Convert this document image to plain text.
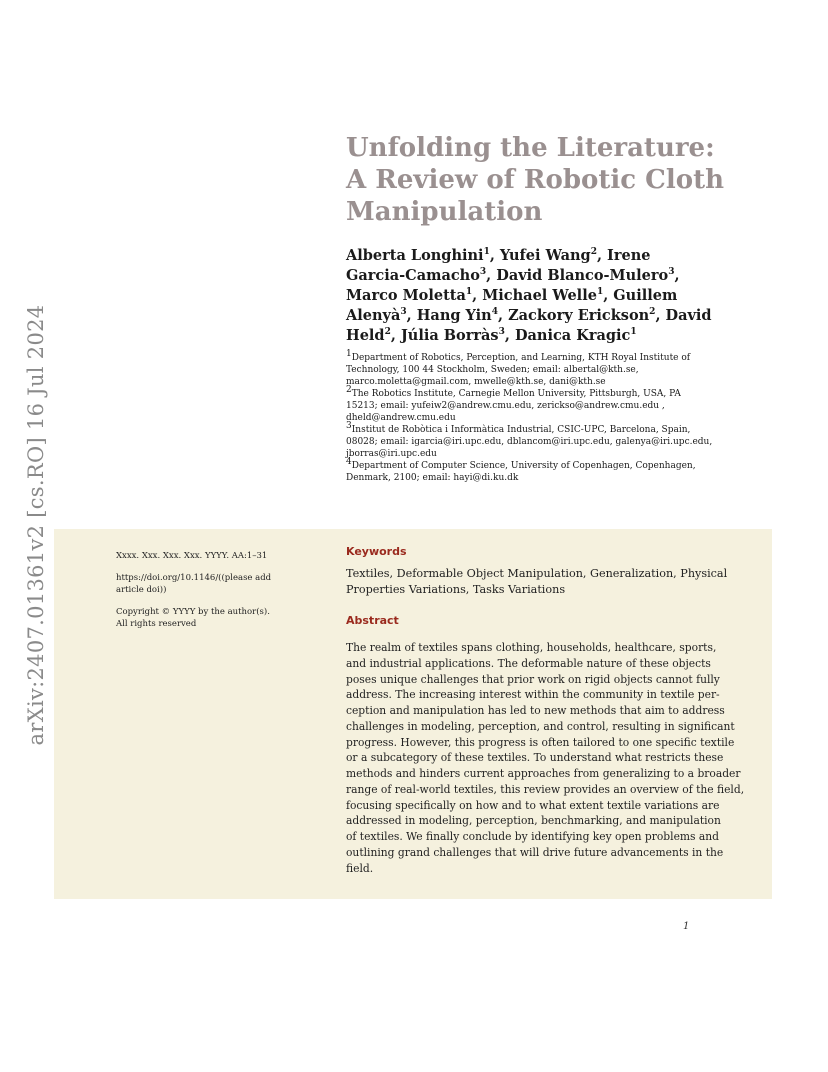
arXiv:2407.01361v2 [cs.RO] 16 Jul 2024
Unfolding the Literature:
A Review of Robotic Cloth
Manipulation
Alberta Longhini$^1$, Yufei Wang$^2$, Irene
Garcia-Camacho$^3$, David Blanco-Mulero$^3$,
Marco Moletta$^1$, Michael Welle$^1$, Guillem
Alenyà$^3$, Hang Yin$^4$, Zackory Erickson$^2$, David
Held$^2$, Júlia Borràs$^3$, Danica Kragic$^1$
$^1$Department of Robotics, Perception, and Learning, KTH Royal Institute of
Technology, 100 44 Stockholm, Sweden; email: albertal@kth.se,
marco.moletta@gmail.com, mwelle@kth.se, dani@kth.se
$^2$The Robotics Institute, Carnegie Mellon University, Pittsburgh, USA, PA
15213; email: yufeiw2@andrew.cmu.edu, zerickso@andrew.cmu.edu ,
dheld@andrew.cmu.edu
$^3$Institut de Robòtica i Informàtica Industrial, CSIC-UPC, Barcelona, Spain,
08028; email: igarcia@iri.upc.edu, dblancom@iri.upc.edu, galenya@iri.upc.edu,
jborras@iri.upc.edu
$^4$Department of Computer Science, University of Copenhagen, Copenhagen,
Denmark, 2100; email: hayi@di.ku.dk

Xxxx. Xxx. Xxx. Xxx. YYYY. AA:1–31

https://doi.org/10.1146/((please add
article doi))

Copyright © YYYY by the author(s).
All rights reserved

Keywords
Textiles, Deformable Object Manipulation, Generalization, Physical
Properties Variations, Tasks Variations
Abstract
The realm of textiles spans clothing, households, healthcare, sports,
and industrial applications. The deformable nature of these objects
poses unique challenges that prior work on rigid objects cannot fully
address. The increasing interest within the community in textile per-
ception and manipulation has led to new methods that aim to address
challenges in modeling, perception, and control, resulting in significant
progress. However, this progress is often tailored to one specific textile
or a subcategory of these textiles. To understand what restricts these
methods and hinders current approaches from generalizing to a broader
range of real-world textiles, this review provides an overview of the field,
focusing specifically on how and to what extent textile variations are
addressed in modeling, perception, benchmarking, and manipulation
of textiles. We finally conclude by identifying key open problems and
outlining grand challenges that will drive future advancements in the
field.
1
